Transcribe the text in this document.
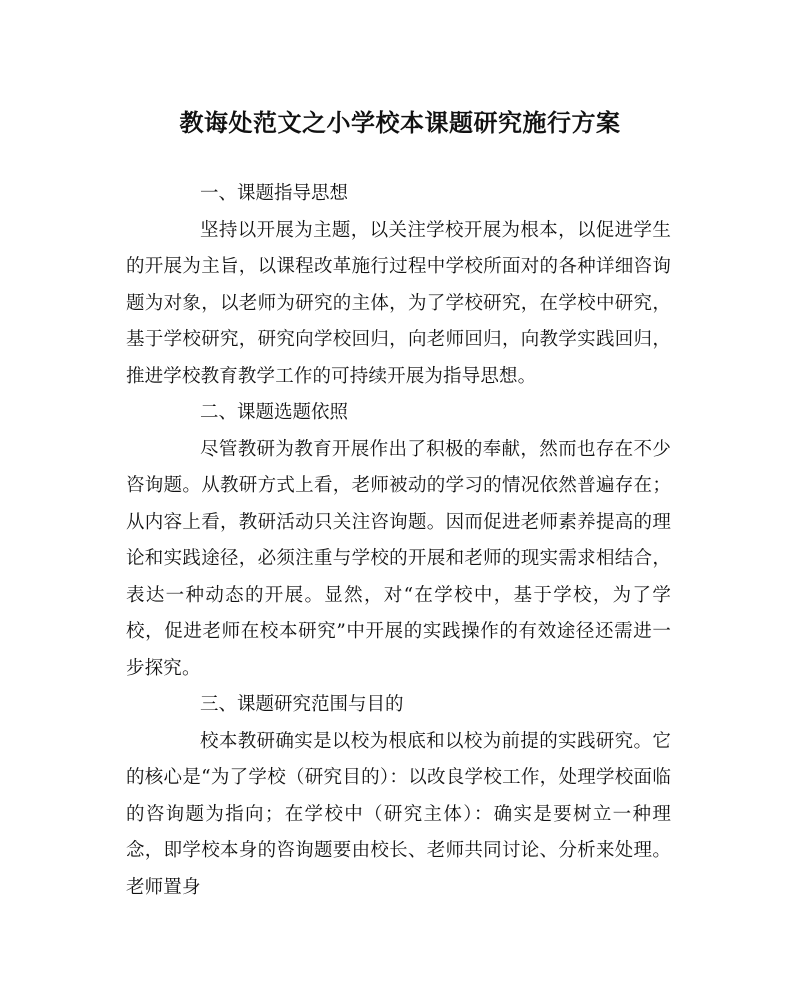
教诲处范文之小学校本课题研究施行方案

一、课题指导思想

坚持以开展为主题，以关注学校开展为根本，以促进学生的开展为主旨，以课程改革施行过程中学校所面对的各种详细咨询题为对象，以老师为研究的主体，为了学校研究，在学校中研究，基于学校研究，研究向学校回归，向老师回归，向教学实践回归，推进学校教育教学工作的可持续开展为指导思想。

二、课题选题依照

尽管教研为教育开展作出了积极的奉献，然而也存在不少咨询题。从教研方式上看，老师被动的学习的情况依然普遍存在；从内容上看，教研活动只关注咨询题。因而促进老师素养提高的理论和实践途径，必须注重与学校的开展和老师的现实需求相结合，表达一种动态的开展。显然，对“在学校中，基于学校，为了学校，促进老师在校本研究”中开展的实践操作的有效途径还需进一步探究。

三、课题研究范围与目的

校本教研确实是以校为根底和以校为前提的实践研究。它的核心是“为了学校（研究目的）：以改良学校工作，处理学校面临的咨询题为指向；在学校中（研究主体）：确实是要树立一种理念，即学校本身的咨询题要由校长、老师共同讨论、分析来处理。老师置身
